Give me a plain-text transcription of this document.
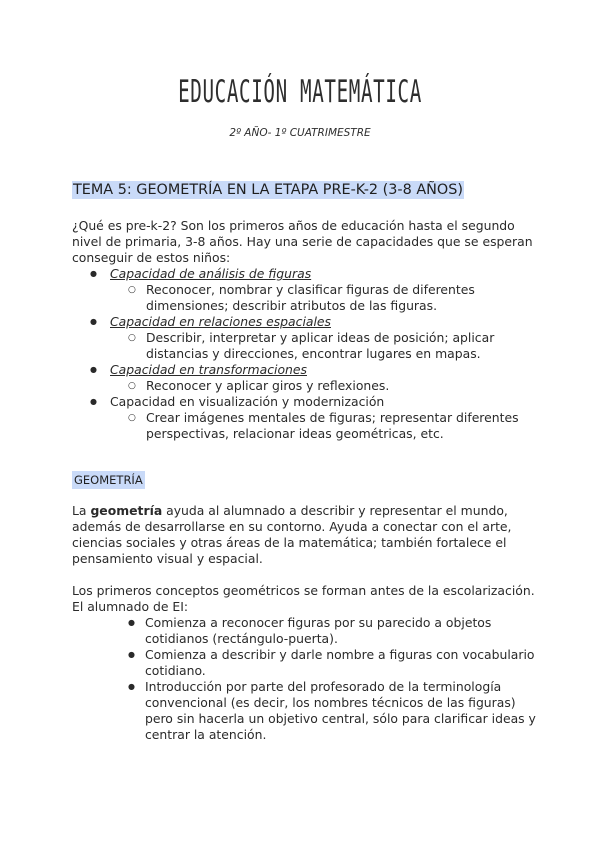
EDUCACIÓN MATEMÁTICA
2º AÑO- 1º CUATRIMESTRE
TEMA 5: GEOMETRÍA EN LA ETAPA PRE-K-2 (3-8 AÑOS)

¿Qué es pre-k-2? Son los primeros años de educación hasta el segundo nivel de primaria, 3-8 años. Hay una serie de capacidades que se esperan conseguir de estos niños:

● Capacidad de análisis de figuras
○ Reconocer, nombrar y clasificar figuras de diferentes dimensiones; describir atributos de las figuras.
● Capacidad en relaciones espaciales
○ Describir, interpretar y aplicar ideas de posición; aplicar distancias y direcciones, encontrar lugares en mapas.
● Capacidad en transformaciones
○ Reconocer y aplicar giros y reflexiones.
● Capacidad en visualización y modernización
○ Crear imágenes mentales de figuras; representar diferentes perspectivas, relacionar ideas geométricas, etc.
GEOMETRÍA

La geometría ayuda al alumnado a describir y representar el mundo, además de desarrollarse en su contorno. Ayuda a conectar con el arte, ciencias sociales y otras áreas de la matemática; también fortalece el pensamiento visual y espacial.

Los primeros conceptos geométricos se forman antes de la escolarización. El alumnado de EI:

● Comienza a reconocer figuras por su parecido a objetos cotidianos (rectángulo-puerta).
● Comienza a describir y darle nombre a figuras con vocabulario cotidiano.
● Introducción por parte del profesorado de la terminología convencional (es decir, los nombres técnicos de las figuras) pero sin hacerla un objetivo central, sólo para clarificar ideas y centrar la atención.
